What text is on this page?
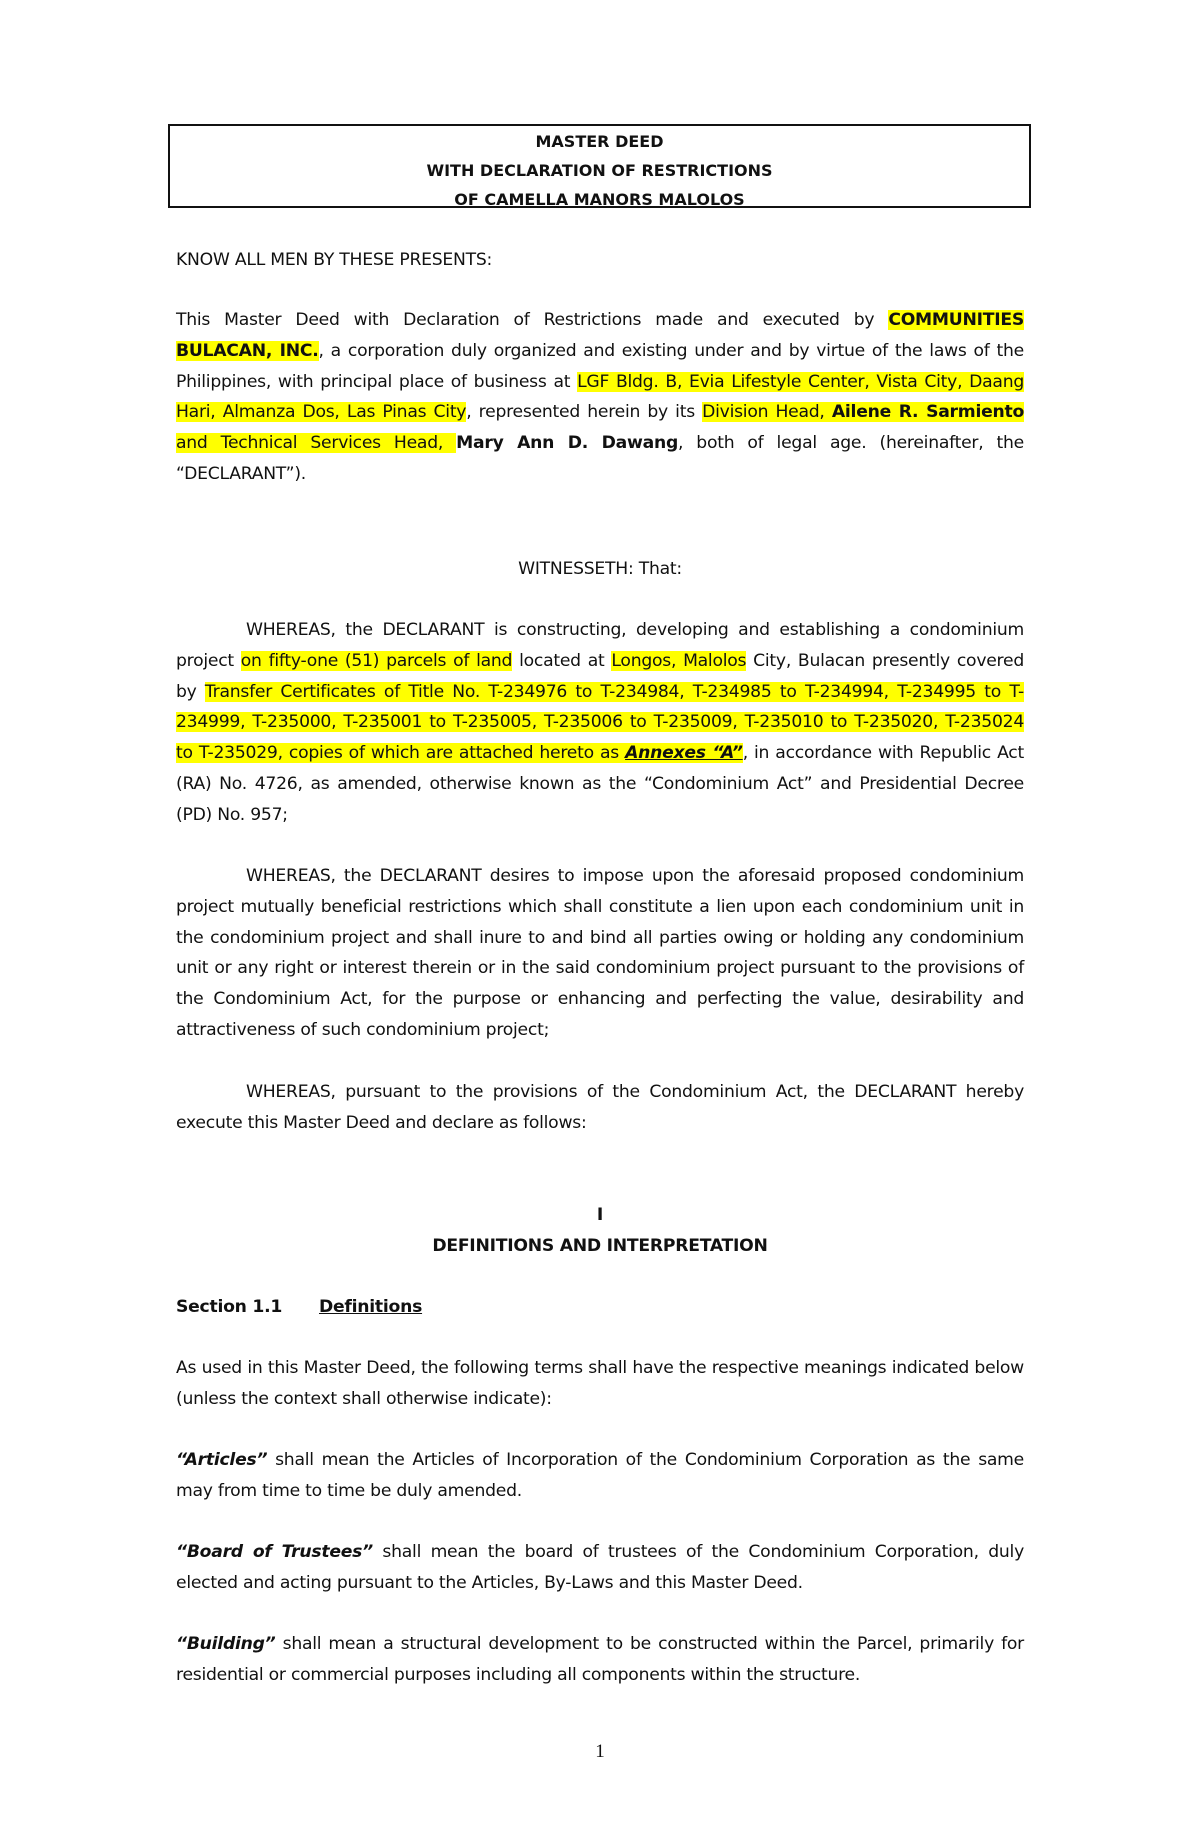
MASTER DEED
WITH DECLARATION OF RESTRICTIONS
OF CAMELLA MANORS MALOLOS
KNOW ALL MEN BY THESE PRESENTS:
This Master Deed with Declaration of Restrictions made and executed by COMMUNITIES BULACAN, INC., a corporation duly organized and existing under and by virtue of the laws of the Philippines, with principal place of business at LGF Bldg. B, Evia Lifestyle Center, Vista City, Daang Hari, Almanza Dos, Las Pinas City, represented herein by its Division Head, Ailene R. Sarmiento and Technical Services Head, Mary Ann D. Dawang, both of legal age. (hereinafter, the “DECLARANT”).
WITNESSETH: That:
WHEREAS, the DECLARANT is constructing, developing and establishing a condominium project on fifty-one (51) parcels of land located at Longos, Malolos City, Bulacan presently covered by Transfer Certificates of Title No. T-234976 to T-234984, T-234985 to T-234994, T-234995 to T-234999, T-235000, T-235001 to T-235005, T-235006 to T-235009, T-235010 to T-235020, T-235024 to T-235029, copies of which are attached hereto as Annexes “A”, in accordance with Republic Act (RA) No. 4726, as amended, otherwise known as the “Condominium Act” and Presidential Decree (PD) No. 957;
WHEREAS, the DECLARANT desires to impose upon the aforesaid proposed condominium project mutually beneficial restrictions which shall constitute a lien upon each condominium unit in the condominium project and shall inure to and bind all parties owing or holding any condominium unit or any right or interest therein or in the said condominium project pursuant to the provisions of the Condominium Act, for the purpose or enhancing and perfecting the value, desirability and attractiveness of such condominium project;
WHEREAS, pursuant to the provisions of the Condominium Act, the DECLARANT hereby execute this Master Deed and declare as follows:
I
DEFINITIONS AND INTERPRETATION
Section 1.1 Definitions
As used in this Master Deed, the following terms shall have the respective meanings indicated below (unless the context shall otherwise indicate):
“Articles” shall mean the Articles of Incorporation of the Condominium Corporation as the same may from time to time be duly amended.
“Board of Trustees” shall mean the board of trustees of the Condominium Corporation, duly elected and acting pursuant to the Articles, By-Laws and this Master Deed.
“Building” shall mean a structural development to be constructed within the Parcel, primarily for residential or commercial purposes including all components within the structure.
1
